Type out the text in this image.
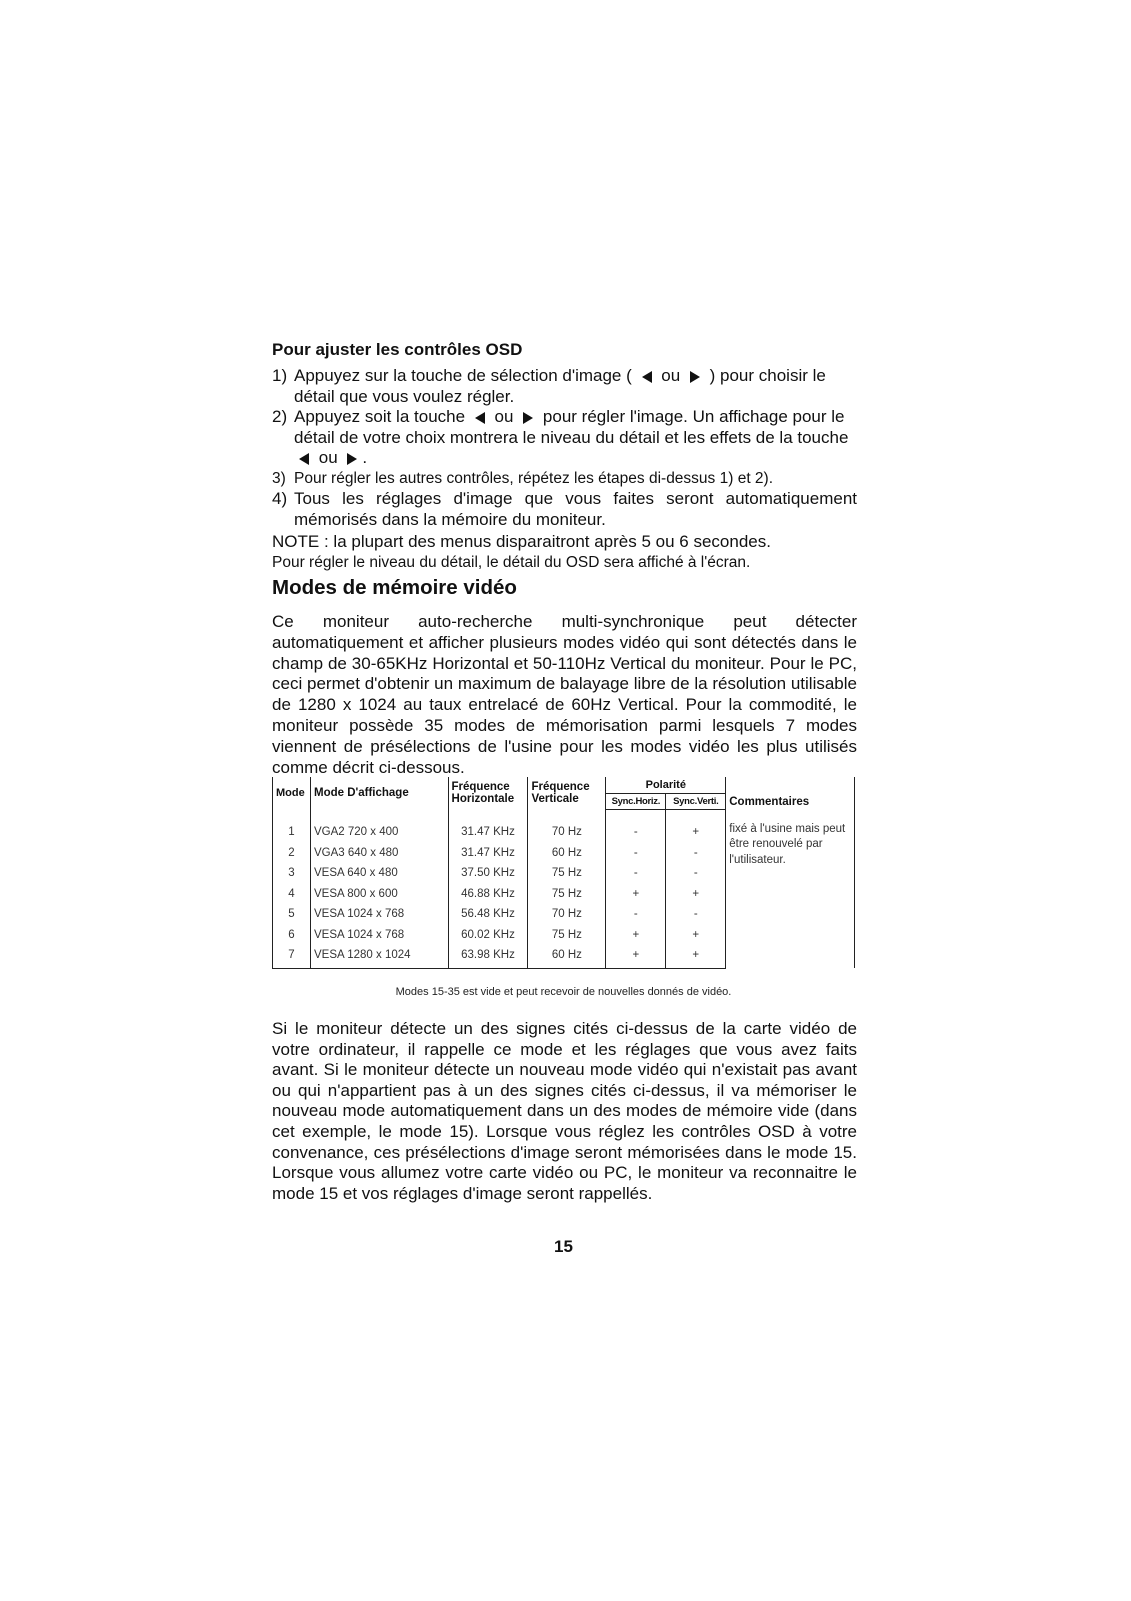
Pour ajuster les contrôles OSD
1) Appuyez sur la touche de sélection d'image ( ou ) pour choisir le détail que vous voulez régler.
2) Appuyez soit la touche ou pour régler l'image. Un affichage pour le détail de votre choix montrera le niveau du détail et les effets de la touche  ou .
3) Pour régler les autres contrôles, répétez les étapes di-dessus 1) et 2).
4) Tous les réglages d'image que vous faites seront automatiquement mémorisés dans la mémoire du moniteur.
NOTE : la plupart des menus disparaitront après 5 ou 6 secondes.
Pour régler le niveau du détail, le détail du OSD sera affiché à l'écran.
Modes de mémoire vidéo
Ce moniteur auto-recherche multi-synchronique peut détecter automatiquement et afficher plusieurs modes vidéo qui sont détectés dans le champ de 30-65KHz Horizontal et 50-110Hz Vertical du moniteur. Pour le PC, ceci permet d'obtenir un maximum de balayage libre de la résolution utilisable de 1280 x 1024 au taux entrelacé de 60Hz Vertical. Pour la commodité, le moniteur possède 35 modes de mémorisation parmi lesquels 7 modes viennent de présélections de l'usine pour les modes vidéo les plus utilisés comme décrit ci-dessous.
Mode	Mode D'affichage	Fréquence Horizontale	Fréquence Verticale	Polarité		Commentaires
				Sync.Horiz.	Sync.Verti.	
1	VGA2 720 x 400	31.47 KHz	70 Hz	-	+	fixé à l'usine mais peut être renouvelé par l'utilisateur.
2	VGA3 640 x 480	31.47 KHz	60 Hz	-	-	
3	VESA 640 x 480	37.50 KHz	75 Hz	-	-	
4	VESA 800 x 600	46.88 KHz	75 Hz	+	+	
5	VESA 1024 x 768	56.48 KHz	70 Hz	-	-	
6	VESA 1024 x 768	60.02 KHz	75 Hz	+	+	
7	VESA 1280 x 1024	63.98 KHz	60 Hz	+	+	
Modes 15-35 est vide et peut recevoir de nouvelles donnés de vidéo.
Si le moniteur détecte un des signes cités ci-dessus de la carte vidéo de votre ordinateur, il rappelle ce mode et les réglages que vous avez faits avant. Si le moniteur détecte un nouveau mode vidéo qui n'existait pas avant ou qui n'appartient pas à un des signes cités ci-dessus, il va mémoriser le nouveau mode automatiquement dans un des modes de mémoire vide (dans cet exemple, le mode 15). Lorsque vous réglez les contrôles OSD à votre convenance, ces présélections d'image seront mémorisées dans le mode 15. Lorsque vous allumez votre carte vidéo ou PC, le moniteur va reconnaitre le mode 15 et vos réglages d'image seront rappellés.
15
